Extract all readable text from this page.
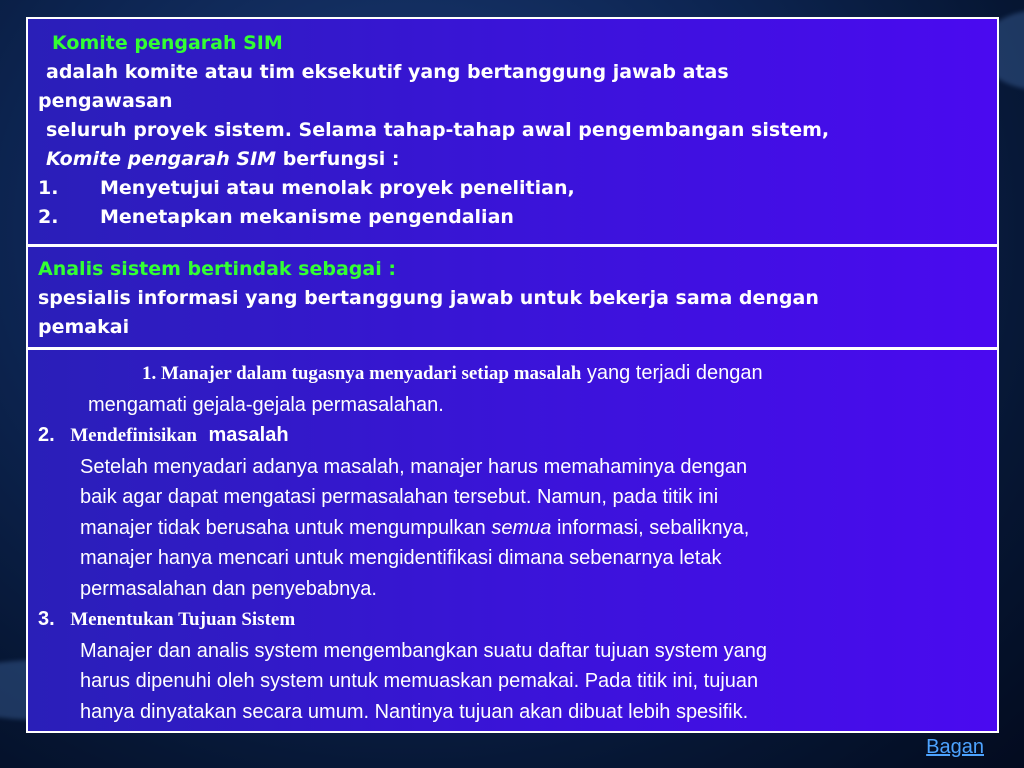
Komite pengarah SIM
adalah komite atau tim eksekutif yang bertanggung jawab atas
pengawasan
seluruh proyek sistem. Selama tahap-tahap awal pengembangan sistem,
Komite pengarah SIM berfungsi :
1. Menyetujui atau menolak proyek penelitian,
2. Menetapkan mekanisme pengendalian
Analis sistem bertindak sebagai :
spesialis informasi yang bertanggung jawab untuk bekerja sama dengan
pemakai
1. Manajer dalam tugasnya menyadari setiap masalah yang terjadi dengan
mengamati gejala-gejala permasalahan.
2. Mendefinisikan masalah
Setelah menyadari adanya masalah, manajer harus memahaminya dengan
baik agar dapat mengatasi permasalahan tersebut. Namun, pada titik ini
manajer tidak berusaha untuk mengumpulkan semua informasi, sebaliknya,
manajer hanya mencari untuk mengidentifikasi dimana sebenarnya letak
permasalahan dan penyebabnya.
3. Menentukan Tujuan Sistem
Manajer dan analis system mengembangkan suatu daftar tujuan system yang
harus dipenuhi oleh system untuk memuaskan pemakai. Pada titik ini, tujuan
hanya dinyatakan secara umum. Nantinya tujuan akan dibuat lebih spesifik.
Bagan
